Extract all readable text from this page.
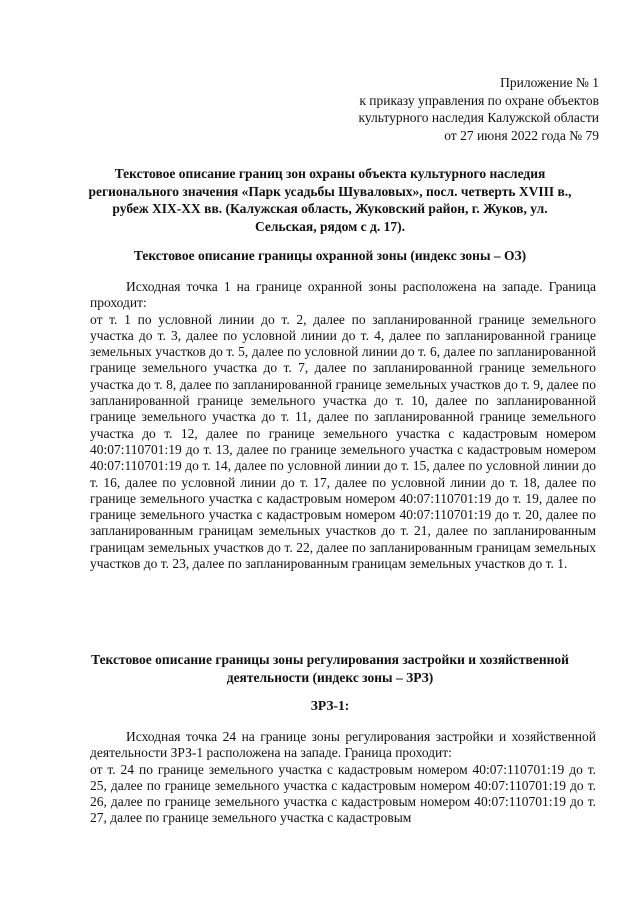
Приложение № 1
к приказу управления по охране объектов
культурного наследия Калужской области
от 27 июня 2022 года № 79
Текстовое описание границ зон охраны объекта культурного наследия регионального значения «Парк усадьбы Шуваловых», посл. четверть XVIII в., рубеж XIX-XX вв. (Калужская область, Жуковский район, г. Жуков, ул. Сельская, рядом с д. 17).
Текстовое описание границы охранной зоны (индекс зоны – ОЗ)

Исходная точка 1 на границе охранной зоны расположена на западе. Граница проходит:

от т. 1 по условной линии до т. 2, далее по запланированной границе земельного участка до т. 3, далее по условной линии до т. 4, далее по запланированной границе земельных участков до т. 5, далее по условной линии до т. 6, далее по запланированной границе земельного участка до т. 7, далее по запланированной границе земельного участка до т. 8, далее по запланированной границе земельных участков до т. 9, далее по запланированной границе земельного участка до т. 10, далее по запланированной границе земельного участка до т. 11, далее по запланированной границе земельного участка до т. 12, далее по границе земельного участка с кадастровым номером 40:07:110701:19 до т. 13, далее по границе земельного участка с кадастровым номером 40:07:110701:19 до т. 14, далее по условной линии до т. 15, далее по условной линии до т. 16, далее по условной линии до т. 17, далее по условной линии до т. 18, далее по границе земельного участка с кадастровым номером 40:07:110701:19 до т. 19, далее по границе земельного участка с кадастровым номером 40:07:110701:19 до т. 20, далее по запланированным границам земельных участков до т. 21, далее по запланированным границам земельных участков до т. 22, далее по запланированным границам земельных участков до т. 23, далее по запланированным границам земельных участков до т. 1.

Текстовое описание границы зоны регулирования застройки и хозяйственной деятельности (индекс зоны – ЗРЗ)
ЗРЗ-1:

Исходная точка 24 на границе зоны регулирования застройки и хозяйственной деятельности ЗРЗ-1 расположена на западе. Граница проходит:

от т. 24 по границе земельного участка с кадастровым номером 40:07:110701:19 до т. 25, далее по границе земельного участка с кадастровым номером 40:07:110701:19 до т. 26, далее по границе земельного участка с кадастровым номером 40:07:110701:19 до т. 27, далее по границе земельного участка с кадастровым
